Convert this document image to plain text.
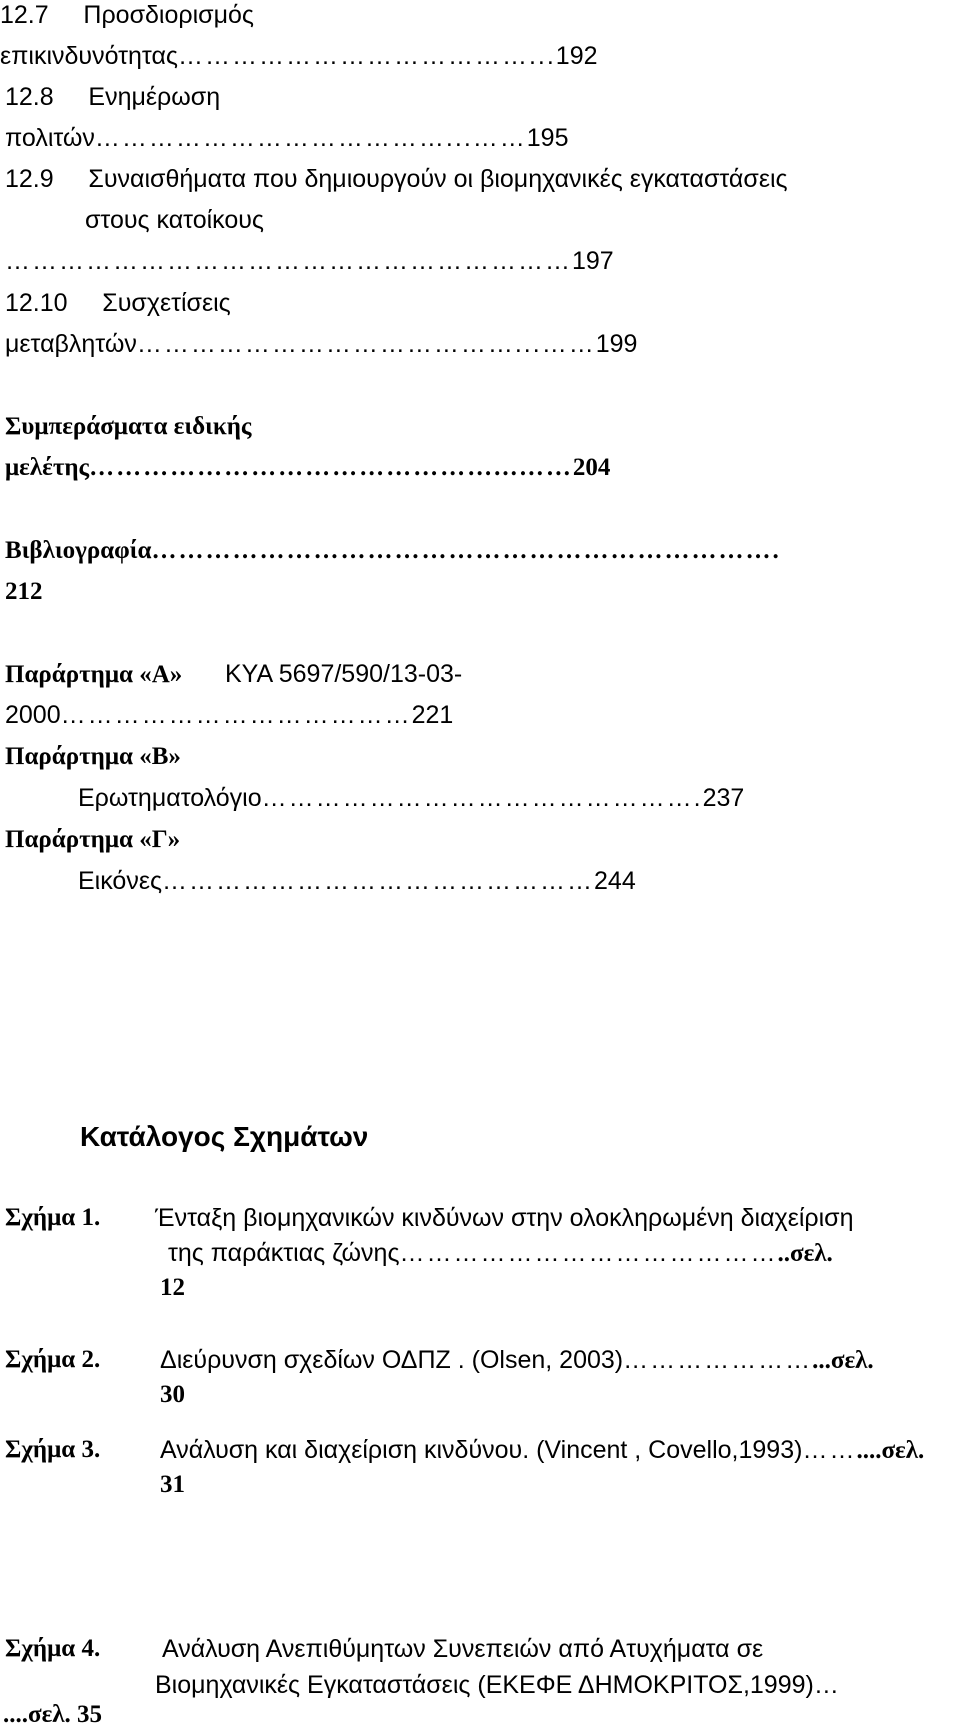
12.7 Προσδιορισμός
επικινδυνότητας…………………………………...192
12.8 Ενημέρωση
πολιτών…………………………………...……195
12.9 Συναισθήματα που δημιουργούν οι βιομηχανικές εγκαταστάσεις
στους κατοίκους
………………………………………………………197
12.10 Συσχετίσεις
μεταβλητών……………………………………...……199
Συμπεράσματα ειδικής
μελέτης………………………………………...……204
Βιβλιογραφία…………………………………………………………….
212
Παράρτημα «Α» ΚΥΑ 5697/590/13-03-
2000…………………………………221
Παράρτημα «Β»
Ερωτηματολόγιο………………………………………….237
Παράρτημα «Γ»
Εικόνες…………………………………………244
Κατάλογος Σχημάτων
Σχήμα 1. Ένταξη βιομηχανικών κινδύνων στην ολοκληρωμένη διαχείριση
της παράκτιας ζώνης……………………………………..σελ.
12
Σχήμα 2. Διεύρυνση σχεδίων ΟΔΠΖ . (Olsen, 2003)…………………...σελ.
30
Σχήμα 3. Ανάλυση και διαχείριση κινδύνου. (Vincent , Covello,1993)……....σελ.
31
Σχήμα 4. Ανάλυση Ανεπιθύμητων Συνεπειών από Ατυχήματα σε
Βιομηχανικές Εγκαταστάσεις (ΕΚΕΦΕ ΔΗΜΟΚΡΙΤΟΣ,1999)…
....σελ. 35
